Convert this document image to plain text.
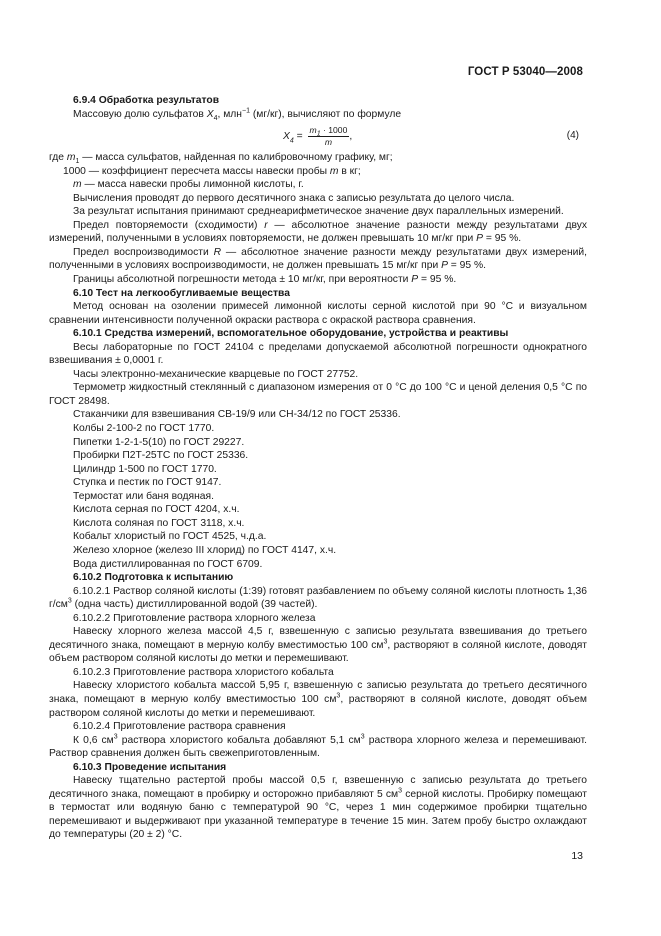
ГОСТ Р 53040—2008

6.9.4 Обработка результатов

Массовую долю сульфатов $X_4$, млн$^{-1}$ (мг/кг), вычисляют по формуле

$X_4 = \frac{m_1 \cdot 1000}{m}$ ,	(4)

где $m_1$ — масса сульфатов, найденная по калибровочному графику, мг;

1000 — коэффициент пересчета массы навески пробы m в кг;

m — масса навески пробы лимонной кислоты, г.

Вычисления проводят до первого десятичного знака с записью результата до целого числа.

За результат испытания принимают среднеарифметическое значение двух параллельных измерений.

Предел повторяемости (сходимости) r — абсолютное значение разности между результатами двух измерений, полученными в условиях повторяемости, не должен превышать 10 мг/кг при P = 95 %.

Предел воспроизводимости R — абсолютное значение разности между результатами двух измерений, полученными в условиях воспроизводимости, не должен превышать 15 мг/кг при P = 95 %.

Границы абсолютной погрешности метода ± 10 мг/кг, при вероятности P = 95 %.

6.10 Тест на легкообугливаемые вещества

Метод основан на озолении примесей лимонной кислоты серной кислотой при 90 °С и визуальном сравнении интенсивности полученной окраски раствора с окраской раствора сравнения.

6.10.1 Средства измерений, вспомогательное оборудование, устройства и реактивы

Весы лабораторные по ГОСТ 24104 с пределами допускаемой абсолютной погрешности однократного взвешивания ± 0,0001 г.

Часы электронно-механические кварцевые по ГОСТ 27752.

Термометр жидкостный стеклянный с диапазоном измерения от 0 °С до 100 °С и ценой деления 0,5 °С по ГОСТ 28498.

Стаканчики для взвешивания СВ-19/9 или СН-34/12 по ГОСТ 25336.

Колбы 2-100-2 по ГОСТ 1770.

Пипетки 1-2-1-5(10) по ГОСТ 29227.

Пробирки П2Т-25ТС по ГОСТ 25336.

Цилиндр 1-500 по ГОСТ 1770.

Ступка и пестик по ГОСТ 9147.

Термостат или баня водяная.

Кислота серная по ГОСТ 4204, х.ч.

Кислота соляная по ГОСТ 3118, х.ч.

Кобальт хлористый по ГОСТ 4525, ч.д.а.

Железо хлорное (железо III хлорид) по ГОСТ 4147, х.ч.

Вода дистиллированная по ГОСТ 6709.

6.10.2 Подготовка к испытанию

6.10.2.1 Раствор соляной кислоты (1:39) готовят разбавлением по объему соляной кислоты плотность 1,36 $г/см^3$ (одна часть) дистиллированной водой (39 частей).

6.10.2.2 Приготовление раствора хлорного железа

Навеску хлорного железа массой 4,5 г, взвешенную с записью результата взвешивания до третьего десятичного знака, помещают в мерную колбу вместимостью 100 $см^3$, растворяют в соляной кислоте, доводят объем раствором соляной кислоты до метки и перемешивают.

6.10.2.3 Приготовление раствора хлористого кобальта

Навеску хлористого кобальта массой 5,95 г, взвешенную с записью результата до третьего десятичного знака, помещают в мерную колбу вместимостью 100 $см^3$, растворяют в соляной кислоте, доводят объем раствором соляной кислоты до метки и перемешивают.

6.10.2.4 Приготовление раствора сравнения

К 0,6 $см^3$ раствора хлористого кобальта добавляют 5,1 $см^3$ раствора хлорного железа и перемешивают. Раствор сравнения должен быть свежеприготовленным.

6.10.3 Проведение испытания

Навеску тщательно растертой пробы массой 0,5 г, взвешенную с записью результата до третьего десятичного знака, помещают в пробирку и осторожно прибавляют 5 $см^3$ серной кислоты. Пробирку помещают в термостат или водяную баню с температурой 90 °С, через 1 мин содержимое пробирки тщательно перемешивают и выдерживают при указанной температуре в течение 15 мин. Затем пробу быстро охлаждают до температуры (20 ± 2) °С.

13
